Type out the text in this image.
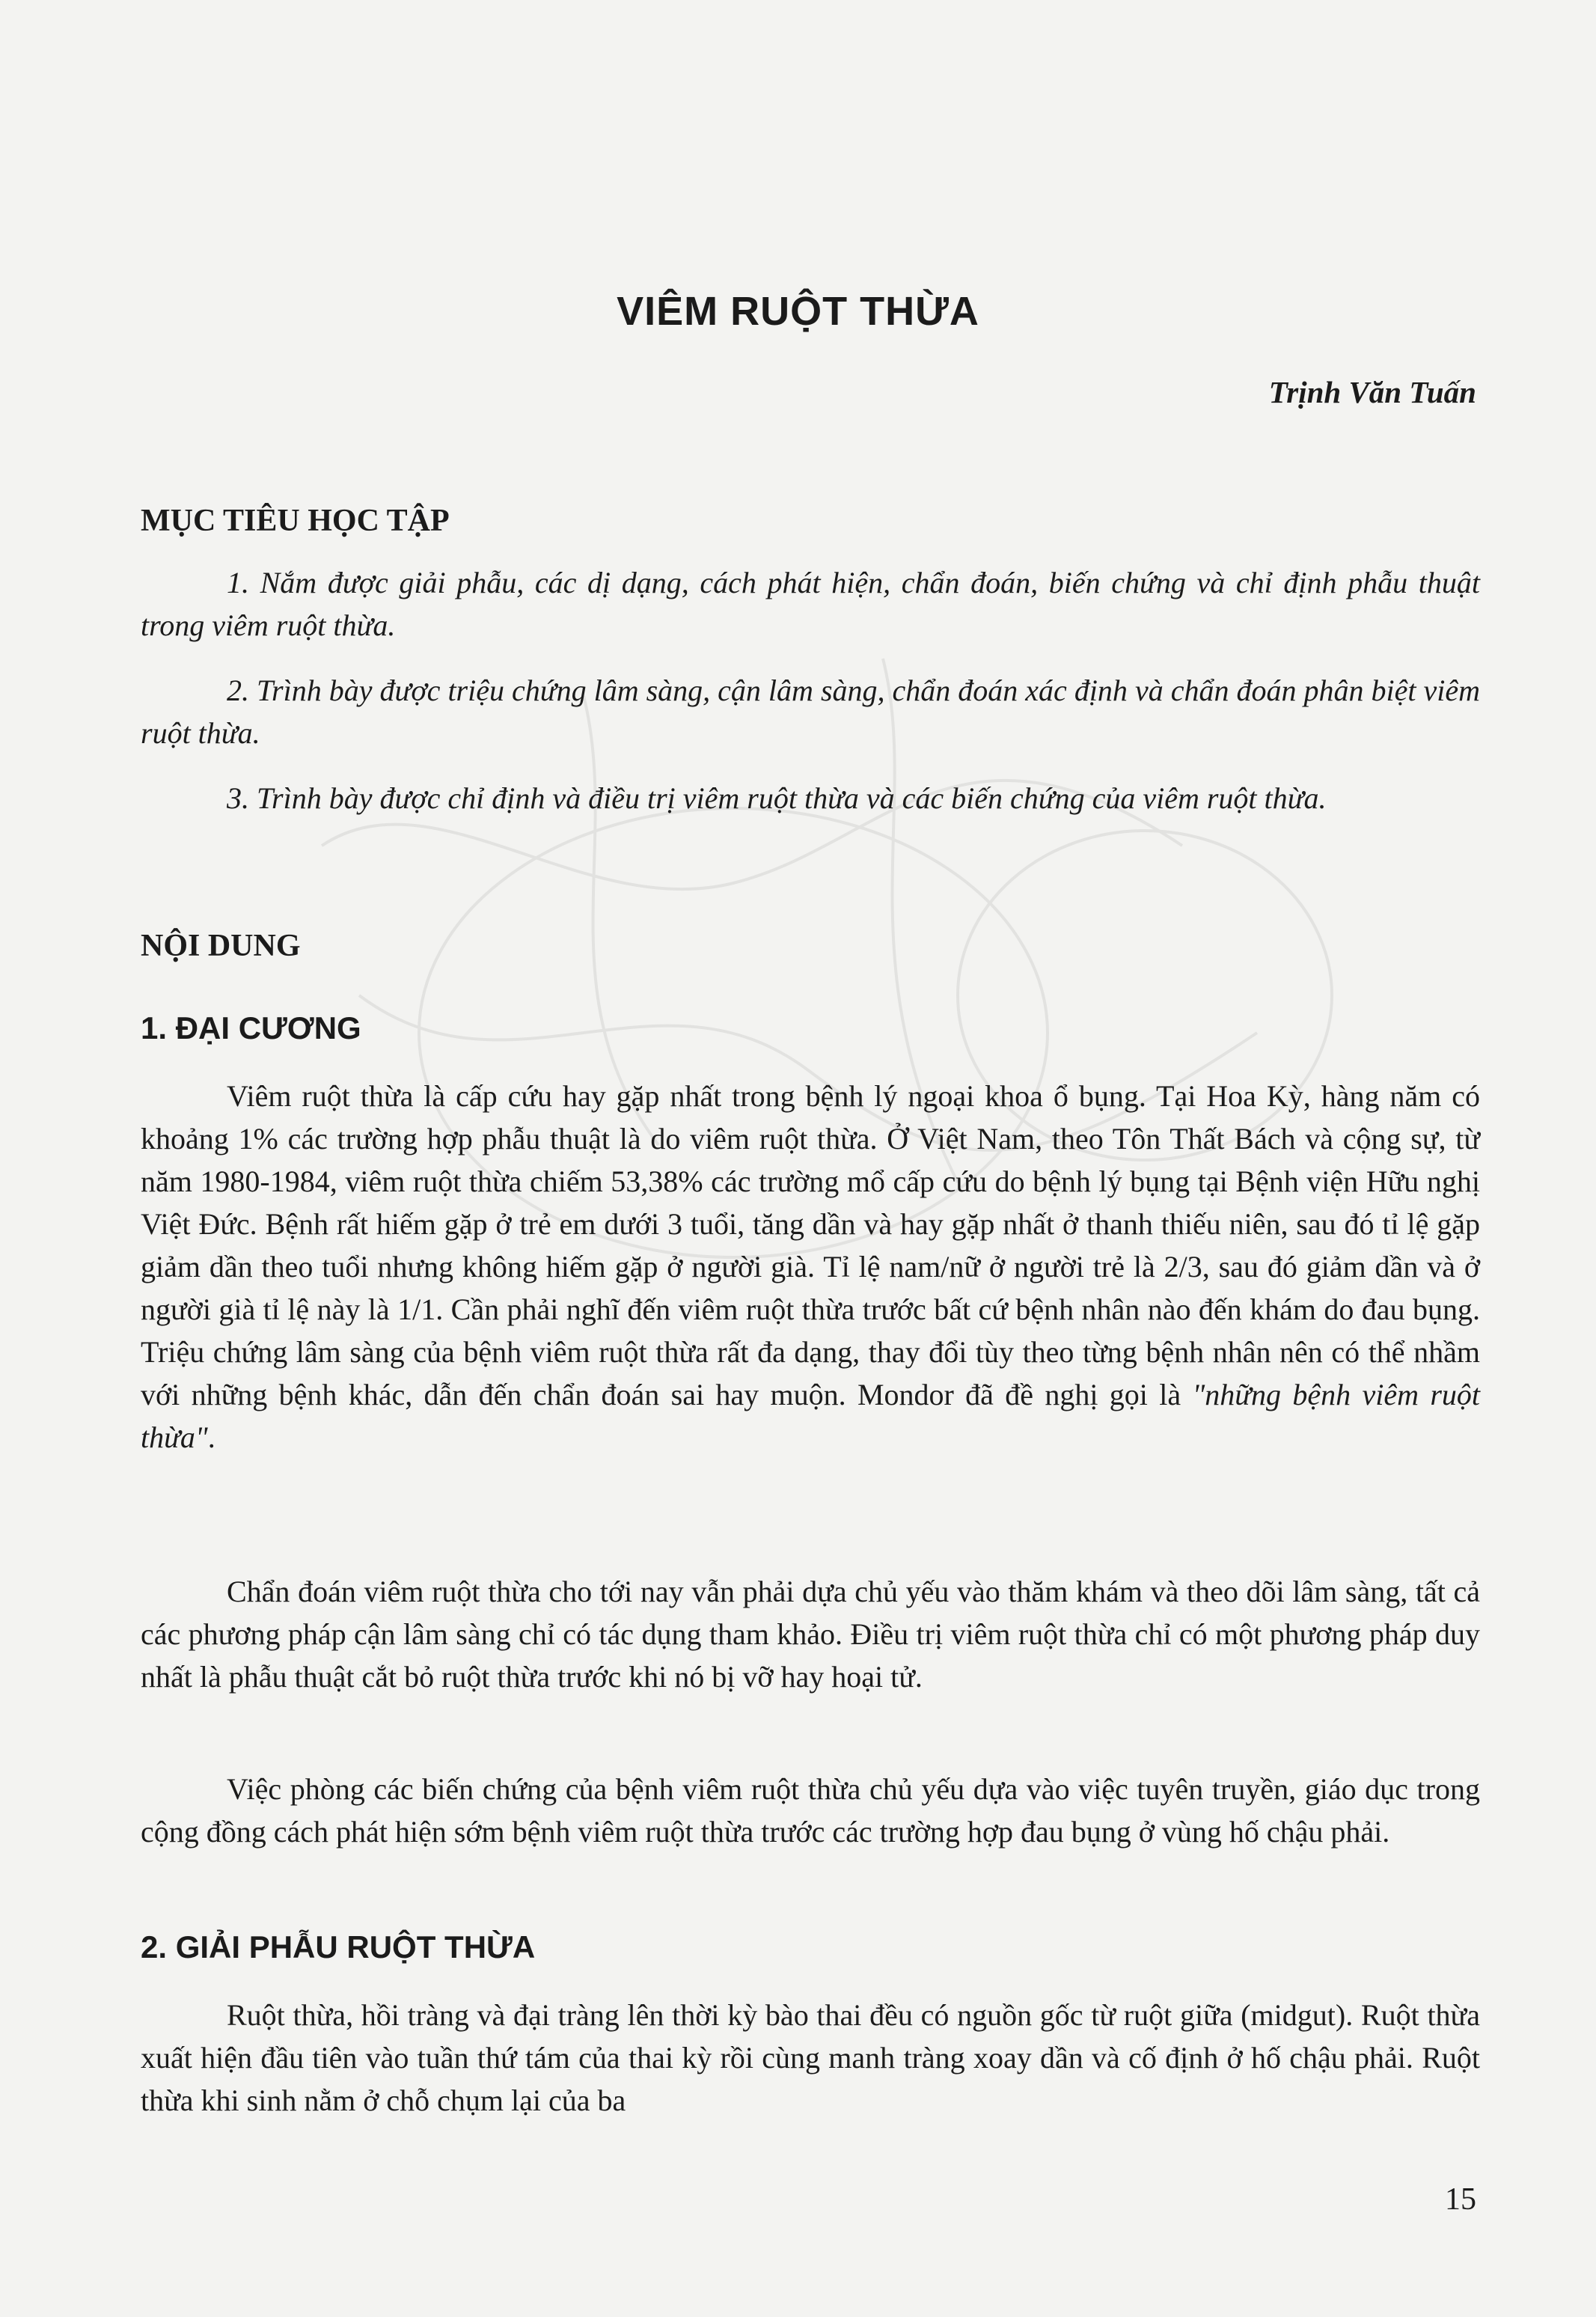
VIÊM RUỘT THỪA

Trịnh Văn Tuấn

MỤC TIÊU HỌC TẬP
1. Nắm được giải phẫu, các dị dạng, cách phát hiện, chẩn đoán, biến chứng và chỉ định phẫu thuật trong viêm ruột thừa.
2. Trình bày được triệu chứng lâm sàng, cận lâm sàng, chẩn đoán xác định và chẩn đoán phân biệt viêm ruột thừa.
3. Trình bày được chỉ định và điều trị viêm ruột thừa và các biến chứng của viêm ruột thừa.
NỘI DUNG
1. ĐẠI CƯƠNG

Viêm ruột thừa là cấp cứu hay gặp nhất trong bệnh lý ngoại khoa ổ bụng. Tại Hoa Kỳ, hàng năm có khoảng 1% các trường hợp phẫu thuật là do viêm ruột thừa. Ở Việt Nam, theo Tôn Thất Bách và cộng sự, từ năm 1980-1984, viêm ruột thừa chiếm 53,38% các trường mổ cấp cứu do bệnh lý bụng tại Bệnh viện Hữu nghị Việt Đức. Bệnh rất hiếm gặp ở trẻ em dưới 3 tuổi, tăng dần và hay gặp nhất ở thanh thiếu niên, sau đó tỉ lệ gặp giảm dần theo tuổi nhưng không hiếm gặp ở người già. Tỉ lệ nam/nữ ở người trẻ là 2/3, sau đó giảm dần và ở người già tỉ lệ này là 1/1. Cần phải nghĩ đến viêm ruột thừa trước bất cứ bệnh nhân nào đến khám do đau bụng. Triệu chứng lâm sàng của bệnh viêm ruột thừa rất đa dạng, thay đổi tùy theo từng bệnh nhân nên có thể nhầm với những bệnh khác, dẫn đến chẩn đoán sai hay muộn. Mondor đã đề nghị gọi là "những bệnh viêm ruột thừa".

Chẩn đoán viêm ruột thừa cho tới nay vẫn phải dựa chủ yếu vào thăm khám và theo dõi lâm sàng, tất cả các phương pháp cận lâm sàng chỉ có tác dụng tham khảo. Điều trị viêm ruột thừa chỉ có một phương pháp duy nhất là phẫu thuật cắt bỏ ruột thừa trước khi nó bị vỡ hay hoại tử.

Việc phòng các biến chứng của bệnh viêm ruột thừa chủ yếu dựa vào việc tuyên truyền, giáo dục trong cộng đồng cách phát hiện sớm bệnh viêm ruột thừa trước các trường hợp đau bụng ở vùng hố chậu phải.

2. GIẢI PHẪU RUỘT THỪA

Ruột thừa, hồi tràng và đại tràng lên thời kỳ bào thai đều có nguồn gốc từ ruột giữa (midgut). Ruột thừa xuất hiện đầu tiên vào tuần thứ tám của thai kỳ rồi cùng manh tràng xoay dần và cố định ở hố chậu phải. Ruột thừa khi sinh nằm ở chỗ chụm lại của ba

15
